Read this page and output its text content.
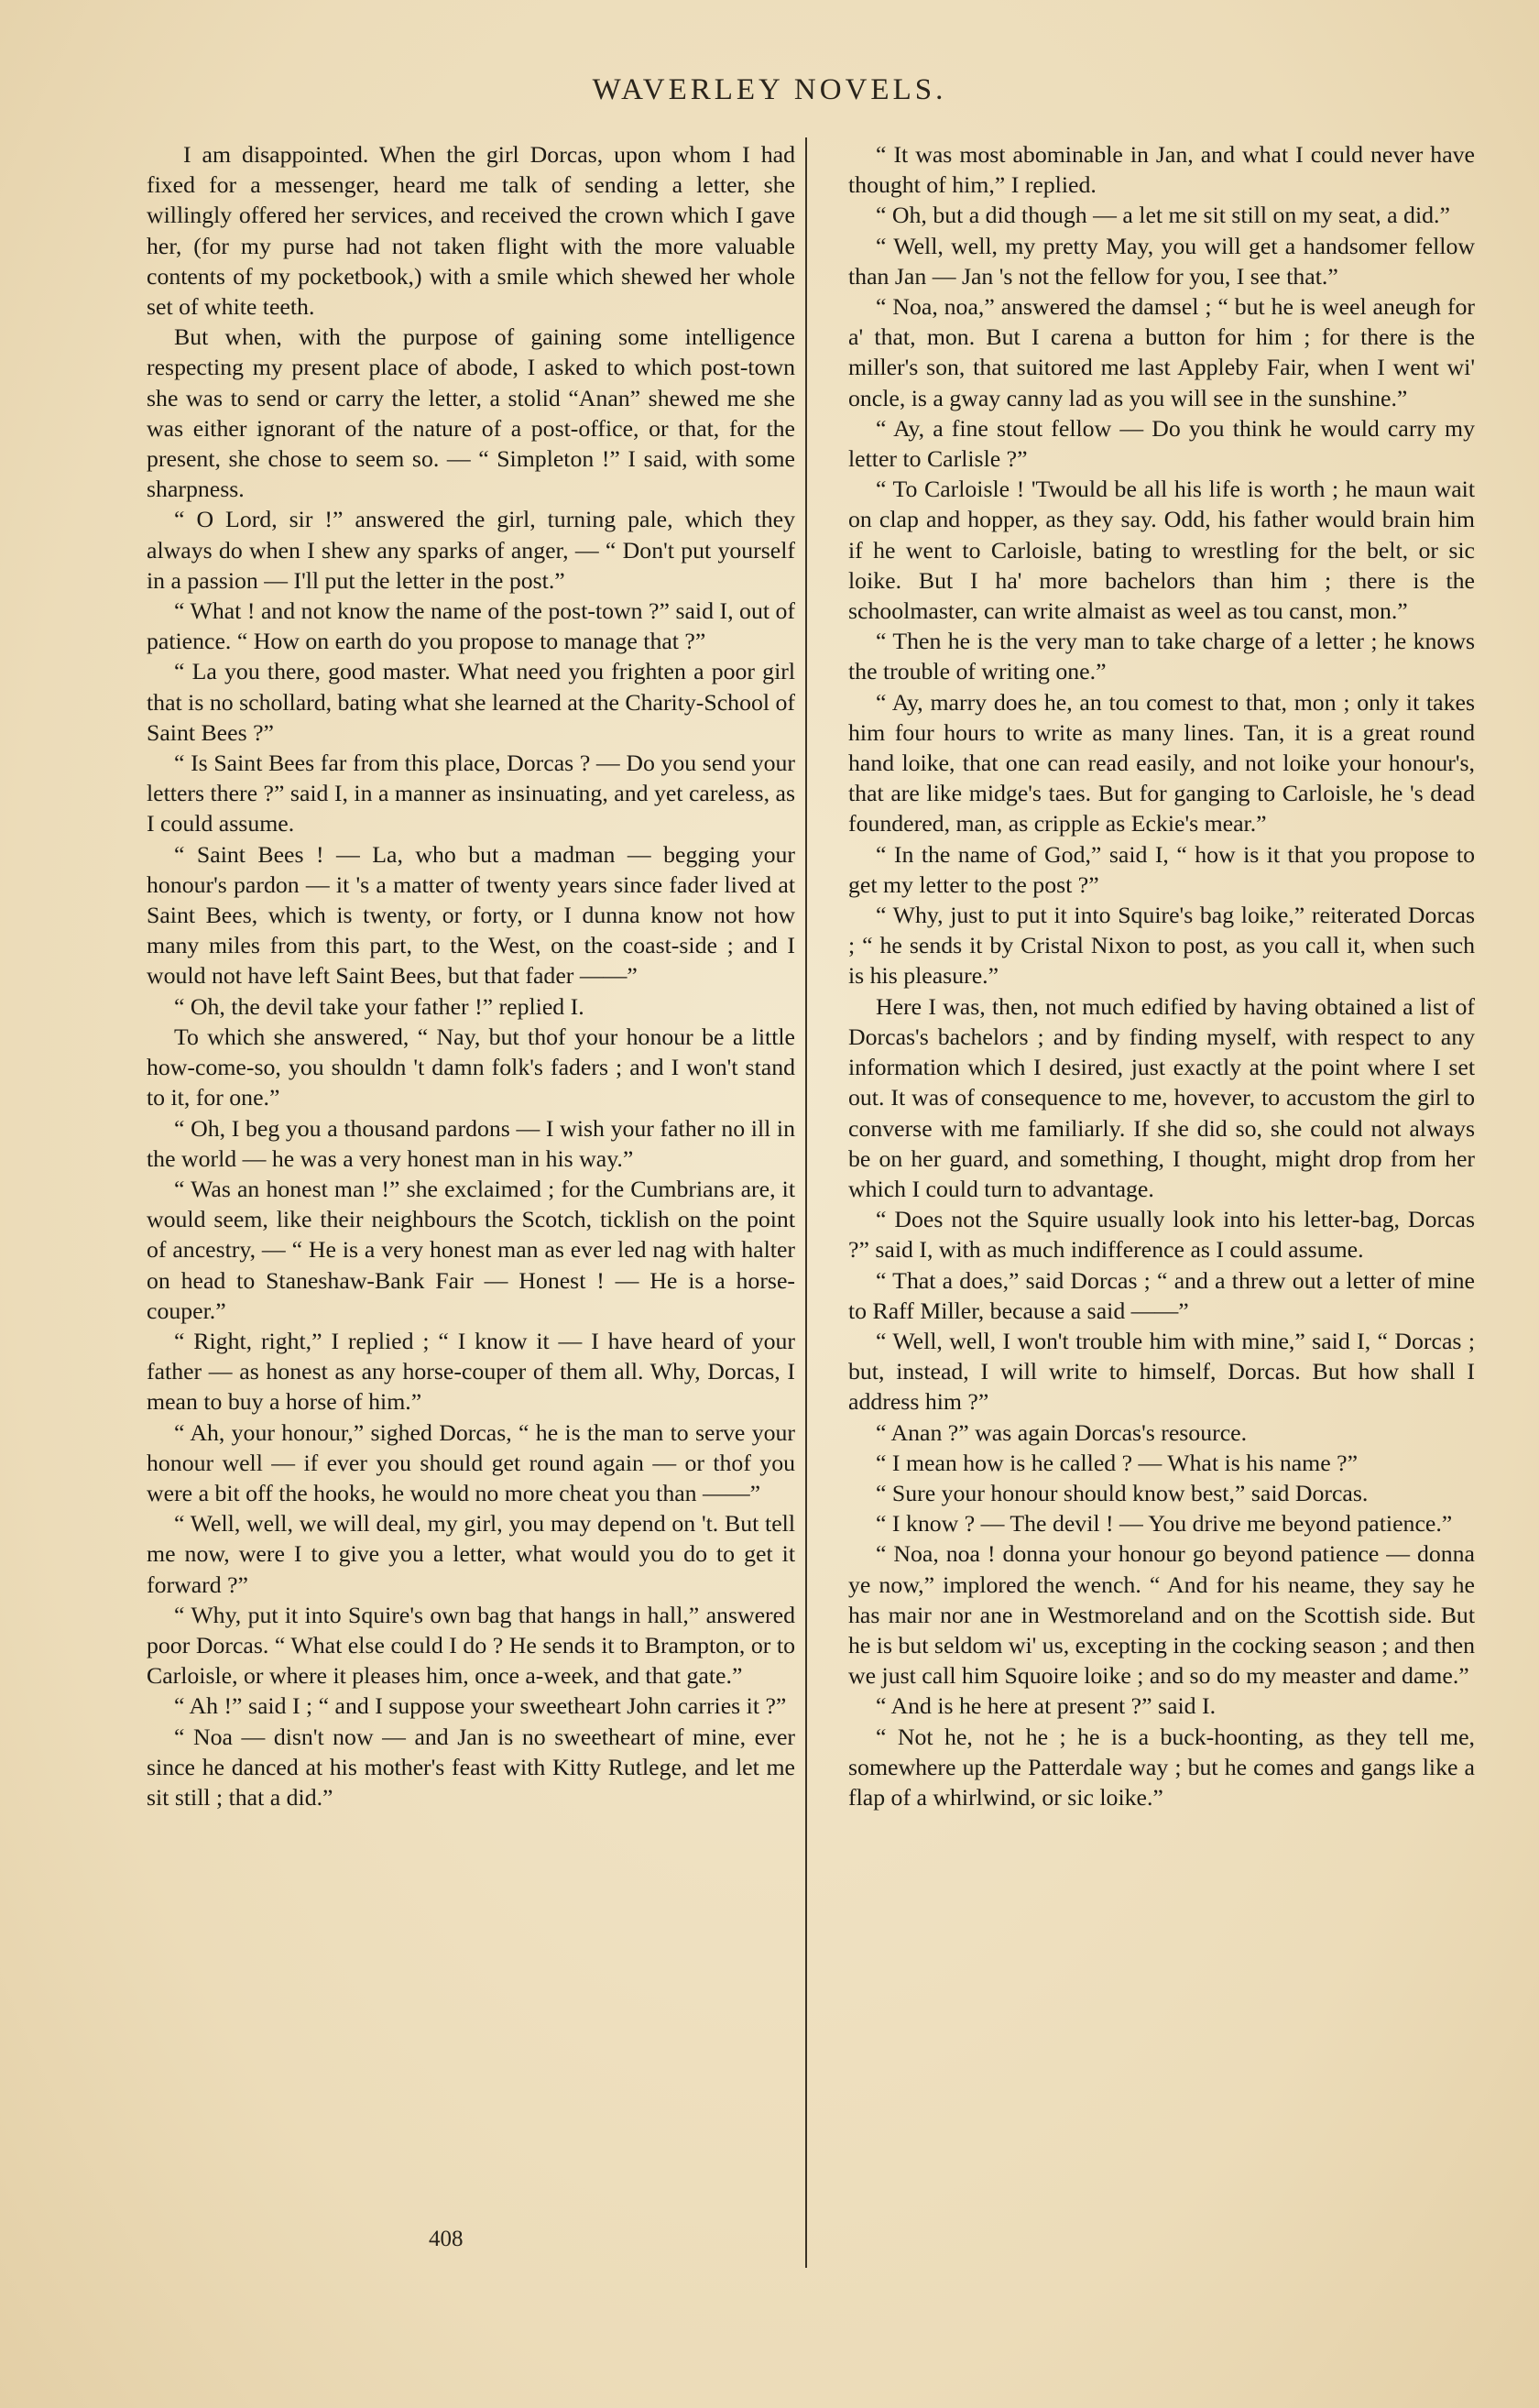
WAVERLEY NOVELS.

I am disappointed. When the girl Dorcas, upon whom I had fixed for a messenger, heard me talk of sending a letter, she willingly offered her services, and received the crown which I gave her, (for my purse had not taken flight with the more valuable contents of my pocketbook,) with a smile which shewed her whole set of white teeth.

But when, with the purpose of gaining some intelligence respecting my present place of abode, I asked to which post-town she was to send or carry the letter, a stolid “Anan” shewed me she was either ignorant of the nature of a post-office, or that, for the present, she chose to seem so. — “ Simpleton !” I said, with some sharpness.

“ O Lord, sir !” answered the girl, turning pale, which they always do when I shew any sparks of anger, — “ Don't put yourself in a passion — I'll put the letter in the post.”

“ What ! and not know the name of the post-town ?” said I, out of patience. “ How on earth do you propose to manage that ?”

“ La you there, good master. What need you frighten a poor girl that is no schollard, bating what she learned at the Charity-School of Saint Bees ?”

“ Is Saint Bees far from this place, Dorcas ? — Do you send your letters there ?” said I, in a manner as insinuating, and yet careless, as I could assume.

“ Saint Bees ! — La, who but a madman — begging your honour's pardon — it 's a matter of twenty years since fader lived at Saint Bees, which is twenty, or forty, or I dunna know not how many miles from this part, to the West, on the coast-side ; and I would not have left Saint Bees, but that fader ——”

“ Oh, the devil take your father !” replied I.

To which she answered, “ Nay, but thof your honour be a little how-come-so, you shouldn 't damn folk's faders ; and I won't stand to it, for one.”

“ Oh, I beg you a thousand pardons — I wish your father no ill in the world — he was a very honest man in his way.”

“ Was an honest man !” she exclaimed ; for the Cumbrians are, it would seem, like their neighbours the Scotch, ticklish on the point of ancestry, — “ He is a very honest man as ever led nag with halter on head to Staneshaw-Bank Fair — Honest ! — He is a horse-couper.”

“ Right, right,” I replied ; “ I know it — I have heard of your father — as honest as any horse-couper of them all. Why, Dorcas, I mean to buy a horse of him.”

“ Ah, your honour,” sighed Dorcas, “ he is the man to serve your honour well — if ever you should get round again — or thof you were a bit off the hooks, he would no more cheat you than ——”

“ Well, well, we will deal, my girl, you may depend on 't. But tell me now, were I to give you a letter, what would you do to get it forward ?”

“ Why, put it into Squire's own bag that hangs in hall,” answered poor Dorcas. “ What else could I do ? He sends it to Brampton, or to Carloisle, or where it pleases him, once a-week, and that gate.”

“ Ah !” said I ; “ and I suppose your sweetheart John carries it ?”

“ Noa — disn't now — and Jan is no sweetheart of mine, ever since he danced at his mother's feast with Kitty Rutlege, and let me sit still ; that a did.”

“ It was most abominable in Jan, and what I could never have thought of him,” I replied.

“ Oh, but a did though — a let me sit still on my seat, a did.”

“ Well, well, my pretty May, you will get a handsomer fellow than Jan — Jan 's not the fellow for you, I see that.”

“ Noa, noa,” answered the damsel ; “ but he is weel aneugh for a' that, mon. But I carena a button for him ; for there is the miller's son, that suitored me last Appleby Fair, when I went wi' oncle, is a gway canny lad as you will see in the sunshine.”

“ Ay, a fine stout fellow — Do you think he would carry my letter to Carlisle ?”

“ To Carloisle ! 'Twould be all his life is worth ; he maun wait on clap and hopper, as they say. Odd, his father would brain him if he went to Carloisle, bating to wrestling for the belt, or sic loike. But I ha' more bachelors than him ; there is the schoolmaster, can write almaist as weel as tou canst, mon.”

“ Then he is the very man to take charge of a letter ; he knows the trouble of writing one.”

“ Ay, marry does he, an tou comest to that, mon ; only it takes him four hours to write as many lines. Tan, it is a great round hand loike, that one can read easily, and not loike your honour's, that are like midge's taes. But for ganging to Carloisle, he 's dead foundered, man, as cripple as Eckie's mear.”

“ In the name of God,” said I, “ how is it that you propose to get my letter to the post ?”

“ Why, just to put it into Squire's bag loike,” reiterated Dorcas ; “ he sends it by Cristal Nixon to post, as you call it, when such is his pleasure.”

Here I was, then, not much edified by having obtained a list of Dorcas's bachelors ; and by finding myself, with respect to any information which I desired, just exactly at the point where I set out. It was of consequence to me, hovever, to accustom the girl to converse with me familiarly. If she did so, she could not always be on her guard, and something, I thought, might drop from her which I could turn to advantage.

“ Does not the Squire usually look into his letter-bag, Dorcas ?” said I, with as much indifference as I could assume.

“ That a does,” said Dorcas ; “ and a threw out a letter of mine to Raff Miller, because a said ——”

“ Well, well, I won't trouble him with mine,” said I, “ Dorcas ; but, instead, I will write to himself, Dorcas. But how shall I address him ?”

“ Anan ?” was again Dorcas's resource.

“ I mean how is he called ? — What is his name ?”

“ Sure your honour should know best,” said Dorcas.

“ I know ? — The devil ! — You drive me beyond patience.”

“ Noa, noa ! donna your honour go beyond patience — donna ye now,” implored the wench. “ And for his neame, they say he has mair nor ane in Westmoreland and on the Scottish side. But he is but seldom wi' us, excepting in the cocking season ; and then we just call him Squoire loike ; and so do my measter and dame.”

“ And is he here at present ?” said I.

“ Not he, not he ; he is a buck-hoonting, as they tell me, somewhere up the Patterdale way ; but he comes and gangs like a flap of a whirlwind, or sic loike.”

408
